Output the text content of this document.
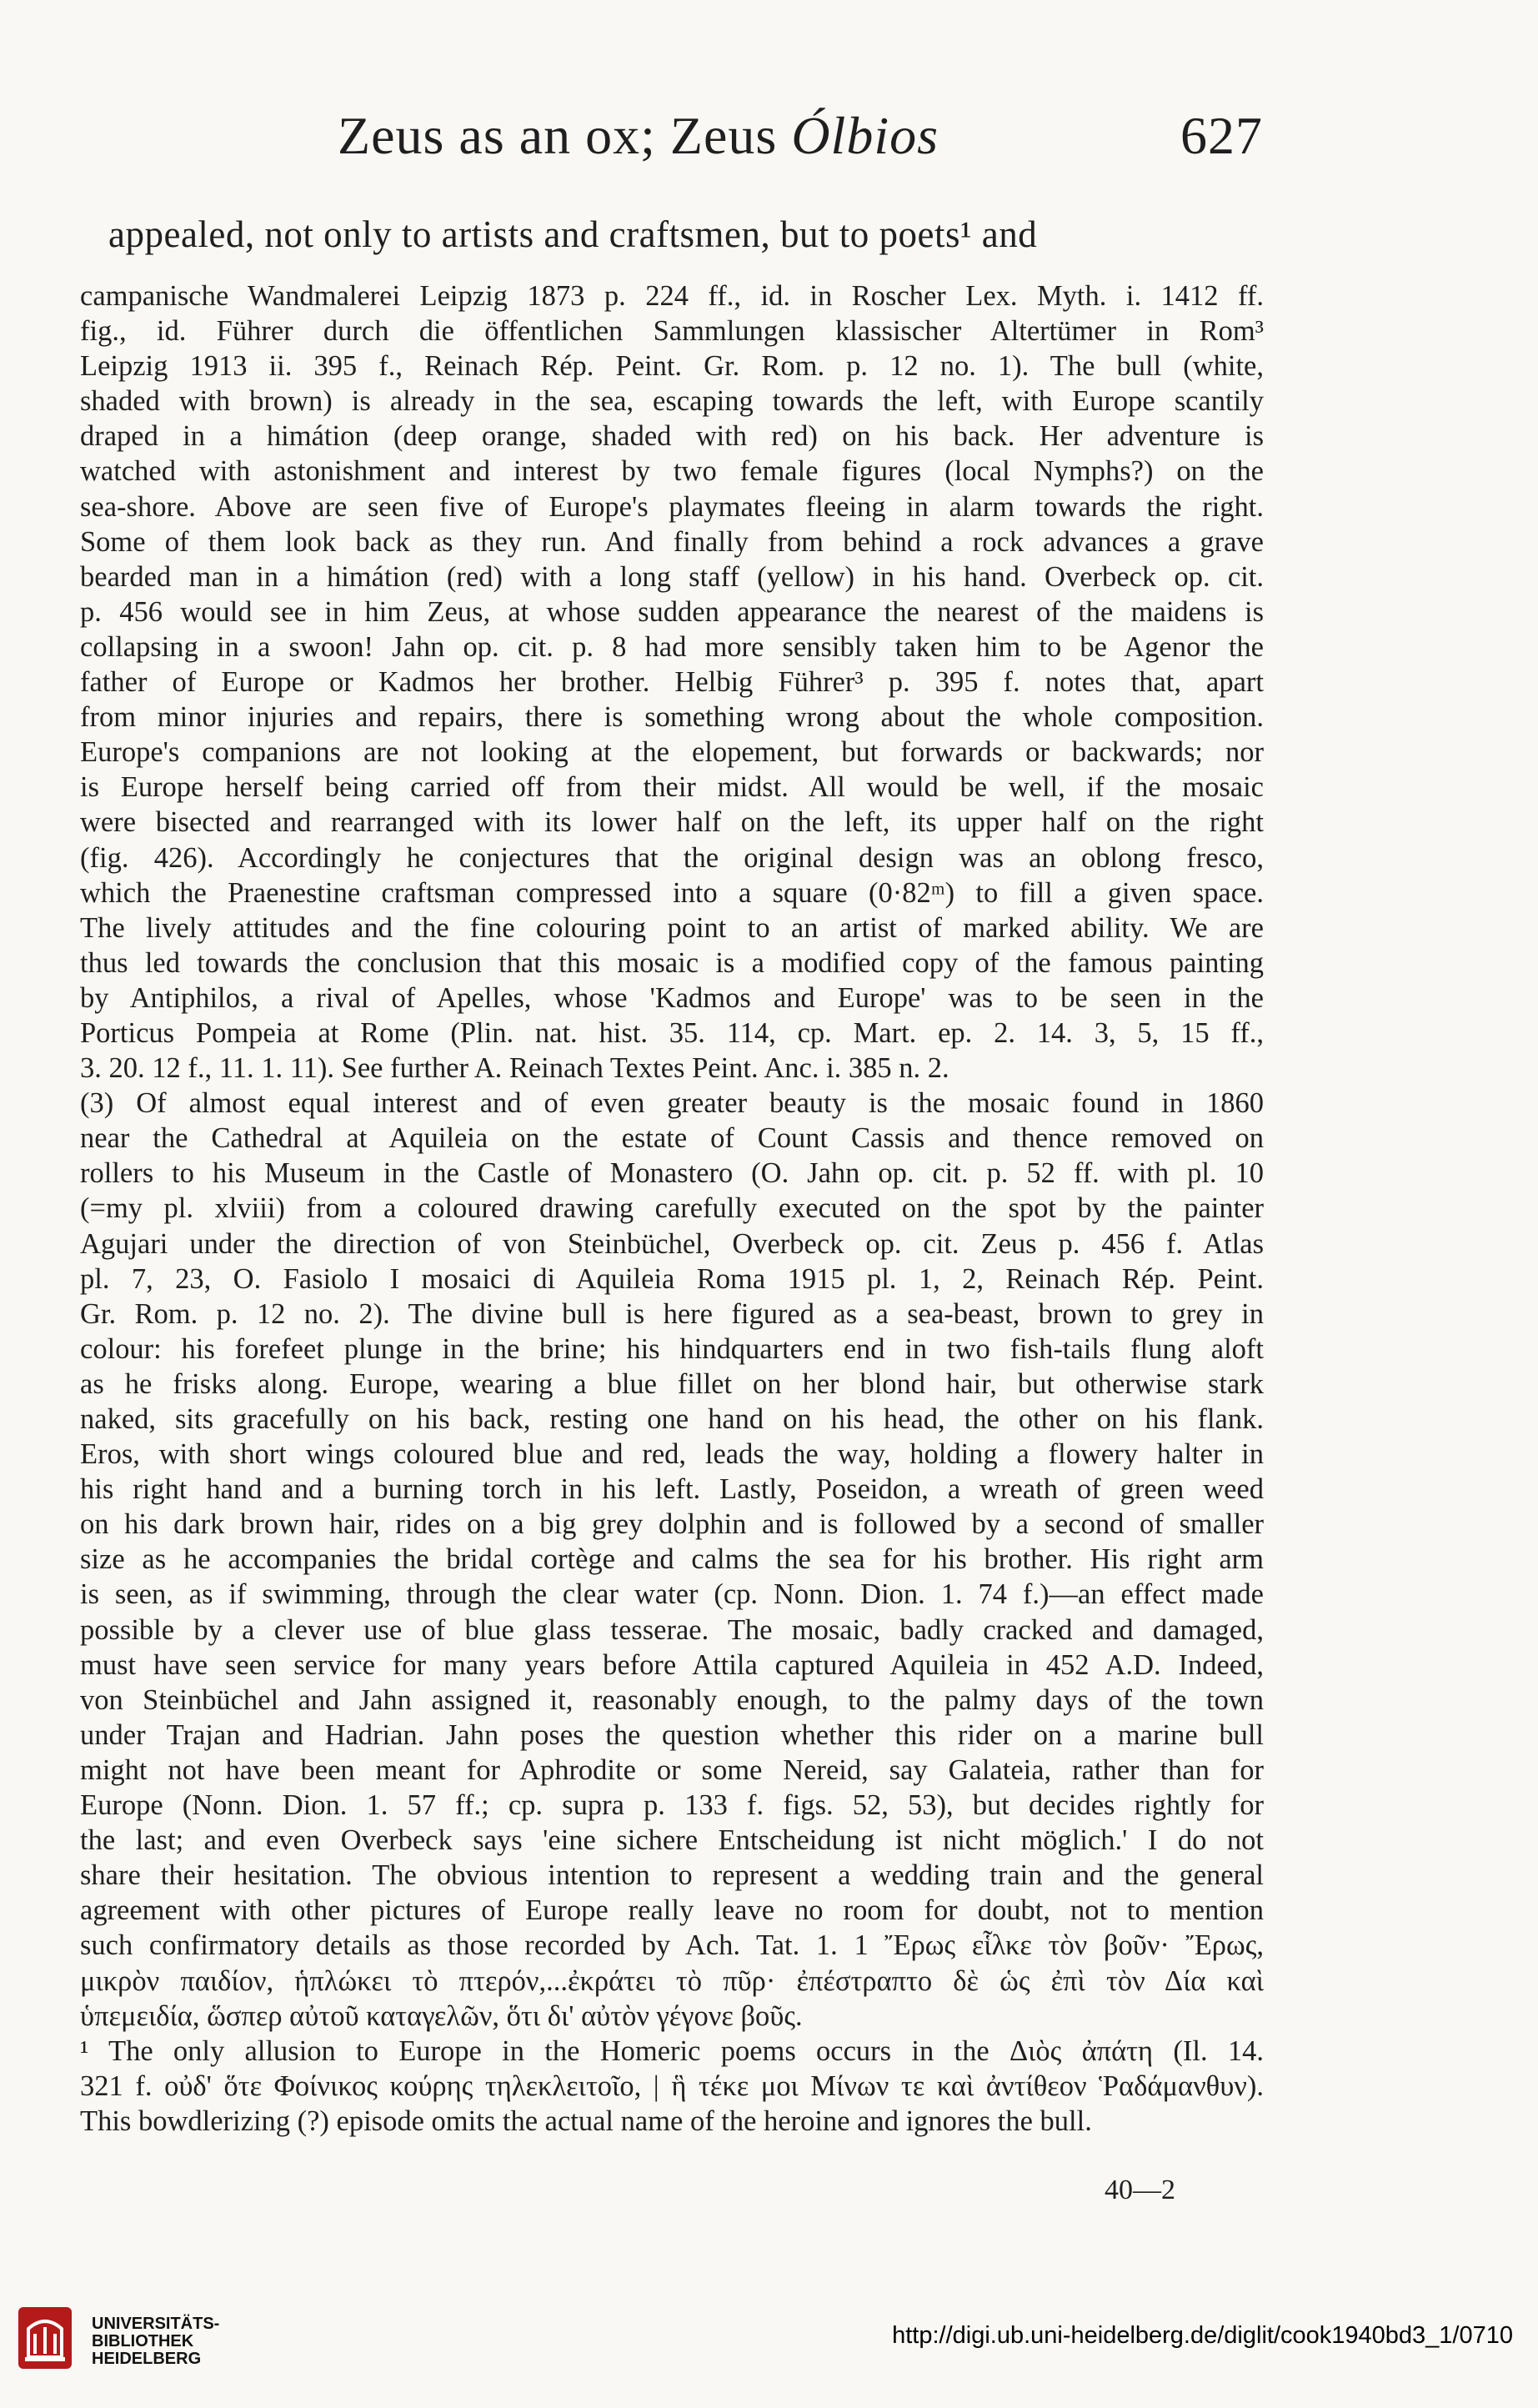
Zeus as an ox; Zeus Ólbios	627
appealed, not only to artists and craftsmen, but to poets¹ and
campanische Wandmalerei Leipzig 1873 p. 224 ff., id. in Roscher Lex. Myth. i. 1412 ff.
fig., id. Führer durch die öffentlichen Sammlungen klassischer Altertümer in Rom³
Leipzig 1913 ii. 395 f., Reinach Rép. Peint. Gr. Rom. p. 12 no. 1). The bull (white,
shaded with brown) is already in the sea, escaping towards the left, with Europe scantily
draped in a himátion (deep orange, shaded with red) on his back. Her adventure is
watched with astonishment and interest by two female figures (local Nymphs?) on the
sea-shore. Above are seen five of Europe's playmates fleeing in alarm towards the right.
Some of them look back as they run. And finally from behind a rock advances a grave
bearded man in a himátion (red) with a long staff (yellow) in his hand. Overbeck op. cit.
p. 456 would see in him Zeus, at whose sudden appearance the nearest of the maidens is
collapsing in a swoon! Jahn op. cit. p. 8 had more sensibly taken him to be Agenor the
father of Europe or Kadmos her brother. Helbig Führer³ p. 395 f. notes that, apart
from minor injuries and repairs, there is something wrong about the whole composition.
Europe's companions are not looking at the elopement, but forwards or backwards; nor
is Europe herself being carried off from their midst. All would be well, if the mosaic
were bisected and rearranged with its lower half on the left, its upper half on the right
(fig. 426). Accordingly he conjectures that the original design was an oblong fresco,
which the Praenestine craftsman compressed into a square (0·82ᵐ) to fill a given space.
The lively attitudes and the fine colouring point to an artist of marked ability. We are
thus led towards the conclusion that this mosaic is a modified copy of the famous painting
by Antiphilos, a rival of Apelles, whose 'Kadmos and Europe' was to be seen in the
Porticus Pompeia at Rome (Plin. nat. hist. 35. 114, cp. Mart. ep. 2. 14. 3, 5, 15 ff.,
3. 20. 12 f., 11. 1. 11). See further A. Reinach Textes Peint. Anc. i. 385 n. 2.
(3) Of almost equal interest and of even greater beauty is the mosaic found in 1860
near the Cathedral at Aquileia on the estate of Count Cassis and thence removed on
rollers to his Museum in the Castle of Monastero (O. Jahn op. cit. p. 52 ff. with pl. 10
(=my pl. xlviii) from a coloured drawing carefully executed on the spot by the painter
Agujari under the direction of von Steinbüchel, Overbeck op. cit. Zeus p. 456 f. Atlas
pl. 7, 23, O. Fasiolo I mosaici di Aquileia Roma 1915 pl. 1, 2, Reinach Rép. Peint.
Gr. Rom. p. 12 no. 2). The divine bull is here figured as a sea-beast, brown to grey in
colour: his forefeet plunge in the brine; his hindquarters end in two fish-tails flung aloft
as he frisks along. Europe, wearing a blue fillet on her blond hair, but otherwise stark
naked, sits gracefully on his back, resting one hand on his head, the other on his flank.
Eros, with short wings coloured blue and red, leads the way, holding a flowery halter in
his right hand and a burning torch in his left. Lastly, Poseidon, a wreath of green weed
on his dark brown hair, rides on a big grey dolphin and is followed by a second of smaller
size as he accompanies the bridal cortège and calms the sea for his brother. His right arm
is seen, as if swimming, through the clear water (cp. Nonn. Dion. 1. 74 f.)—an effect made
possible by a clever use of blue glass tesserae. The mosaic, badly cracked and damaged,
must have seen service for many years before Attila captured Aquileia in 452 A.D. Indeed,
von Steinbüchel and Jahn assigned it, reasonably enough, to the palmy days of the town
under Trajan and Hadrian. Jahn poses the question whether this rider on a marine bull
might not have been meant for Aphrodite or some Nereid, say Galateia, rather than for
Europe (Nonn. Dion. 1. 57 ff.; cp. supra p. 133 f. figs. 52, 53), but decides rightly for
the last; and even Overbeck says 'eine sichere Entscheidung ist nicht möglich.' I do not
share their hesitation. The obvious intention to represent a wedding train and the general
agreement with other pictures of Europe really leave no room for doubt, not to mention
such confirmatory details as those recorded by Ach. Tat. 1. 1 Ἔρως εἷλκε τὸν βοῦν· Ἔρως,
μικρὸν παιδίον, ἡπλώκει τὸ πτερόν,...ἐκράτει τὸ πῦρ· ἐπέστραπτο δὲ ὡς ἐπὶ τὸν Δία καὶ
ὑπεμειδία, ὥσπερ αὐτοῦ καταγελῶν, ὅτι δι' αὐτὸν γέγονε βοῦς.
¹ The only allusion to Europe in the Homeric poems occurs in the Διὸς ἀπάτη (Il. 14.
321 f. οὐδ' ὅτε Φοίνικος κούρης τηλεκλειτοῖο, | ἣ τέκε μοι Μίνων τε καὶ ἀντίθεον Ῥαδάμανθυν).
This bowdlerizing (?) episode omits the actual name of the heroine and ignores the bull.
40—2
UNIVERSITÄTS-
BIBLIOTHEK
HEIDELBERG
http://digi.ub.uni-heidelberg.de/diglit/cook1940bd3_1/0710
